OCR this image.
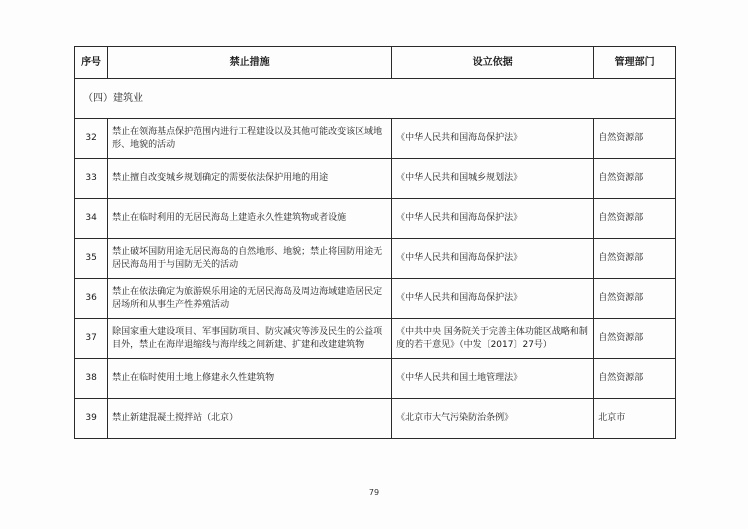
序号	禁止措施	设立依据	管理部门
（四）建筑业			
32	禁止在领海基点保护范围内进行工程建设以及其他可能改变该区域地形、地貌的活动	《中华人民共和国海岛保护法》	自然资源部
33	禁止擅自改变城乡规划确定的需要依法保护用地的用途	《中华人民共和国城乡规划法》	自然资源部
34	禁止在临时利用的无居民海岛上建造永久性建筑物或者设施	《中华人民共和国海岛保护法》	自然资源部
35	禁止破坏国防用途无居民海岛的自然地形、地貌；禁止将国防用途无居民海岛用于与国防无关的活动	《中华人民共和国海岛保护法》	自然资源部
36	禁止在依法确定为旅游娱乐用途的无居民海岛及周边海域建造居民定居场所和从事生产性养殖活动	《中华人民共和国海岛保护法》	自然资源部
37	除国家重大建设项目、军事国防项目、防灾减灾等涉及民生的公益项目外，禁止在海岸退缩线与海岸线之间新建、扩建和改建建筑物	《中共中央 国务院关于完善主体功能区战略和制度的若干意见》（中发〔2017〕27号）	自然资源部
38	禁止在临时使用土地上修建永久性建筑物	《中华人民共和国土地管理法》	自然资源部
39	禁止新建混凝土搅拌站（北京）	《北京市大气污染防治条例》	北京市
79
